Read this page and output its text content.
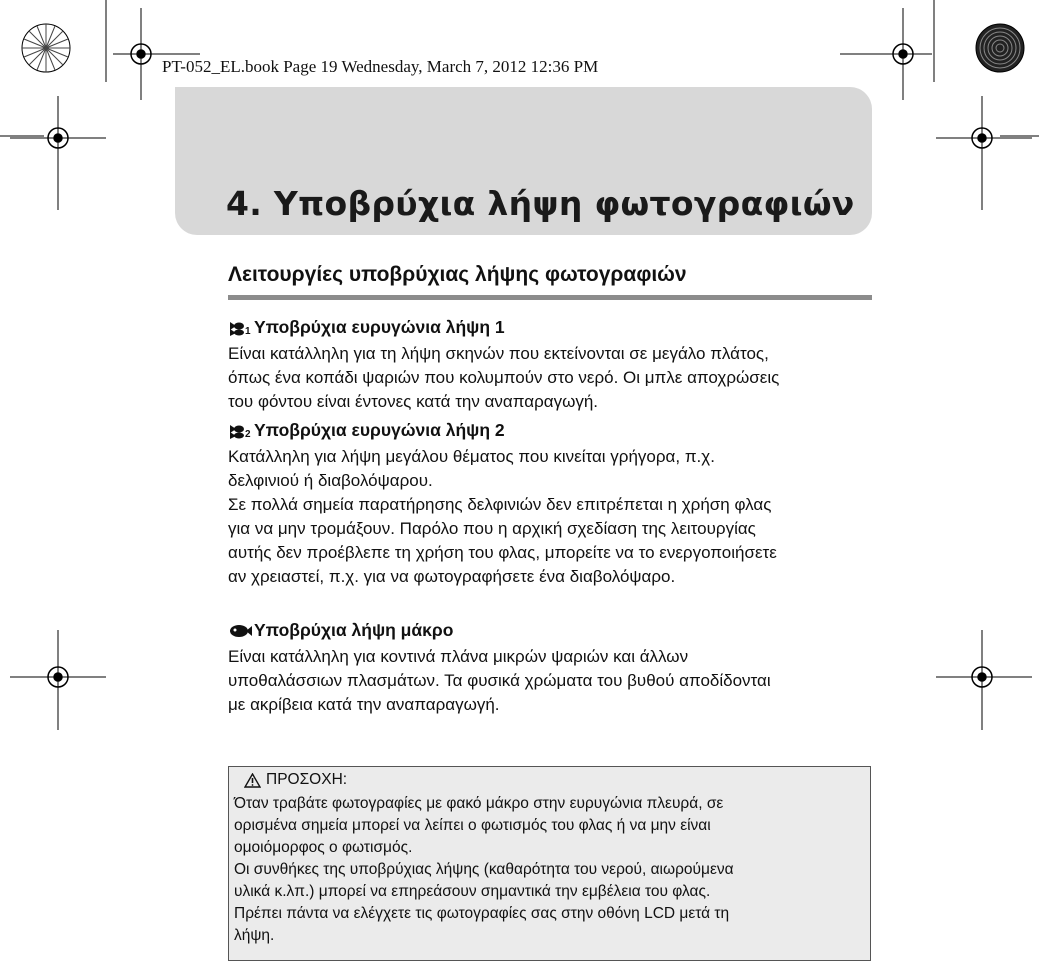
PT-052_EL.book Page 19 Wednesday, March 7, 2012 12:36 PM
4. Υποβρύχια λήψη φωτογραφιών
Λειτουργίες υποβρύχιας λήψης φωτογραφιών
1 Υποβρύχια ευρυγώνια λήψη 1

Είναι κατάλληλη για τη λήψη σκηνών που εκτείνονται σε μεγάλο πλάτος,
όπως ένα κοπάδι ψαριών που κολυμπούν στο νερό. Οι μπλε αποχρώσεις
του φόντου είναι έντονες κατά την αναπαραγωγή.

2 Υποβρύχια ευρυγώνια λήψη 2

Κατάλληλη για λήψη μεγάλου θέματος που κινείται γρήγορα, π.χ.
δελφινιού ή διαβολόψαρου.
Σε πολλά σημεία παρατήρησης δελφινιών δεν επιτρέπεται η χρήση φλας
για να μην τρομάξουν. Παρόλο που η αρχική σχεδίαση της λειτουργίας
αυτής δεν προέβλεπε τη χρήση του φλας, μπορείτε να το ενεργοποιήσετε
αν χρειαστεί, π.χ. για να φωτογραφήσετε ένα διαβολόψαρο.

Υποβρύχια λήψη μάκρο

Είναι κατάλληλη για κοντινά πλάνα μικρών ψαριών και άλλων
υποθαλάσσιων πλασμάτων. Τα φυσικά χρώματα του βυθού αποδίδονται
με ακρίβεια κατά την αναπαραγωγή.

ΠΡΟΣΟΧΗ:

Όταν τραβάτε φωτογραφίες με φακό μάκρο στην ευρυγώνια πλευρά, σε
ορισμένα σημεία μπορεί να λείπει ο φωτισμός του φλας ή να μην είναι
ομοιόμορφος ο φωτισμός.
Οι συνθήκες της υποβρύχιας λήψης (καθαρότητα του νερού, αιωρούμενα
υλικά κ.λπ.) μπορεί να επηρεάσουν σημαντικά την εμβέλεια του φλας.
Πρέπει πάντα να ελέγχετε τις φωτογραφίες σας στην οθόνη LCD μετά τη
λήψη.
